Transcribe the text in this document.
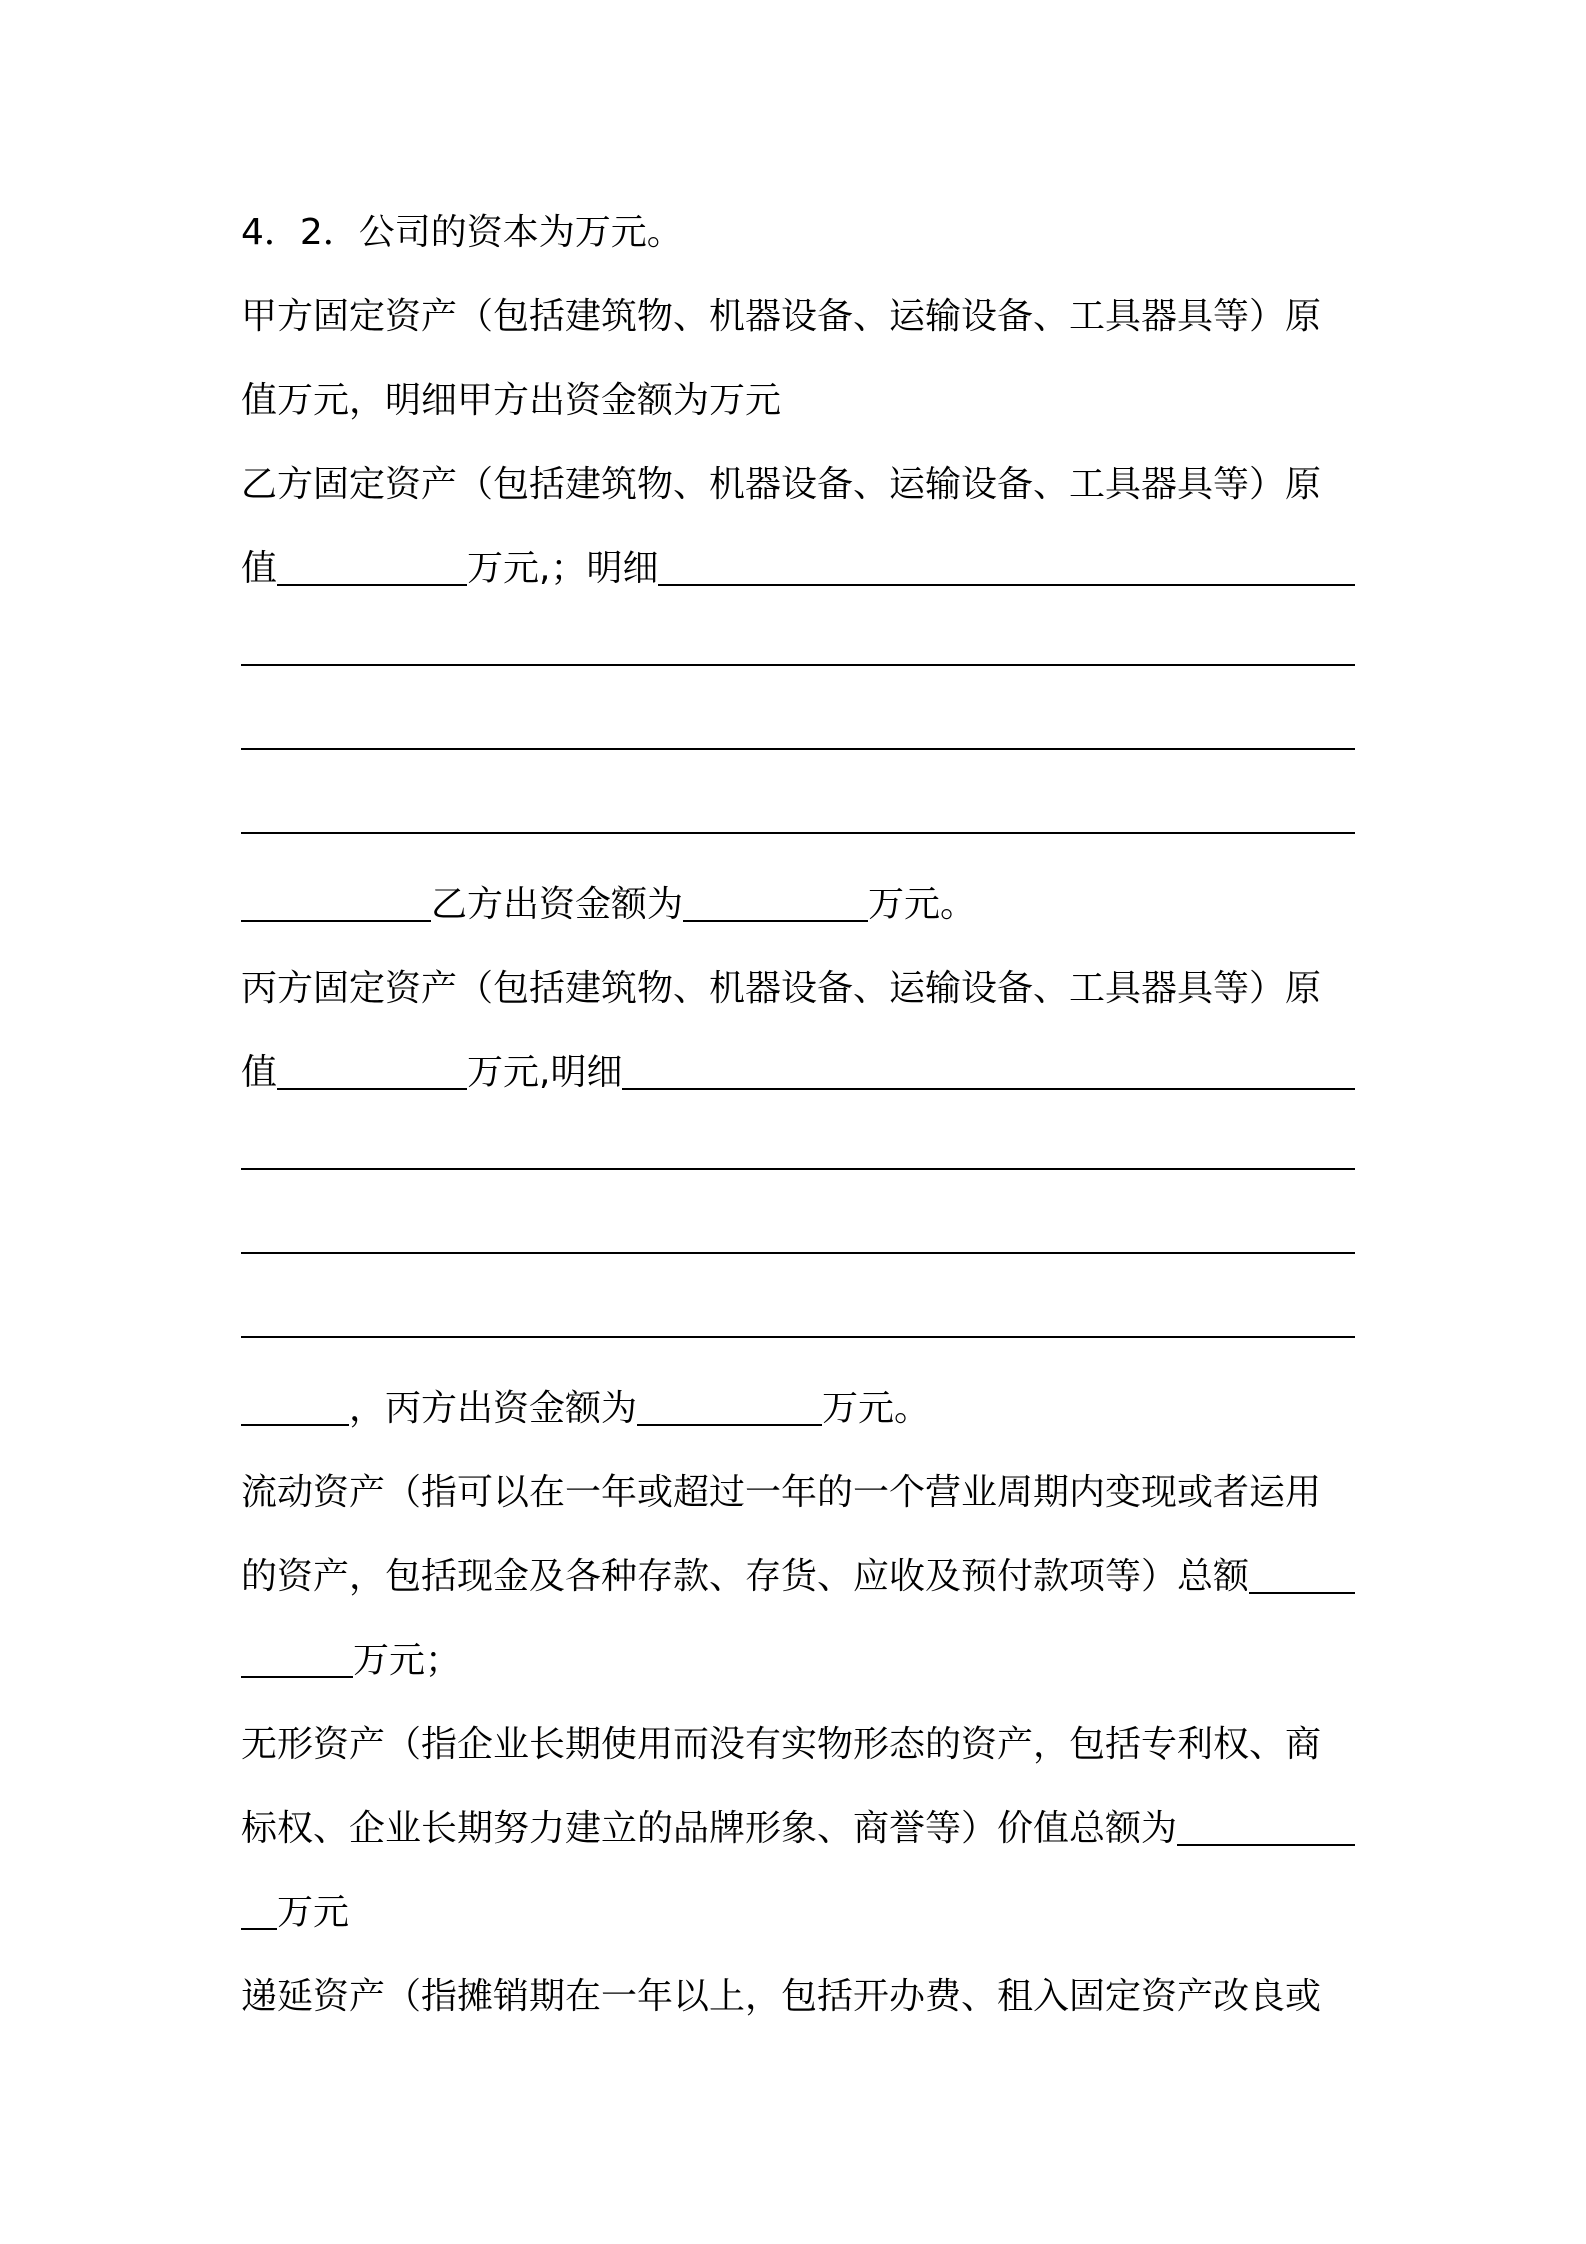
4．2．公司的资本为万元。
甲方固定资产（包括建筑物、机器设备、运输设备、工具器具等）原
值万元，明细甲方出资金额为万元
乙方固定资产（包括建筑物、机器设备、运输设备、工具器具等）原
值	万元,；明细
乙方出资金额为	万元。
丙方固定资产（包括建筑物、机器设备、运输设备、工具器具等）原
值	万元,明细
，丙方出资金额为	万元。
流动资产（指可以在一年或超过一年的一个营业周期内变现或者运用
的资产，包括现金及各种存款、存货、应收及预付款项等）总额
万元；
无形资产（指企业长期使用而没有实物形态的资产，包括专利权、商
标权、企业长期努力建立的品牌形象、商誉等）价值总额为
万元
递延资产（指摊销期在一年以上，包括开办费、租入固定资产改良或
